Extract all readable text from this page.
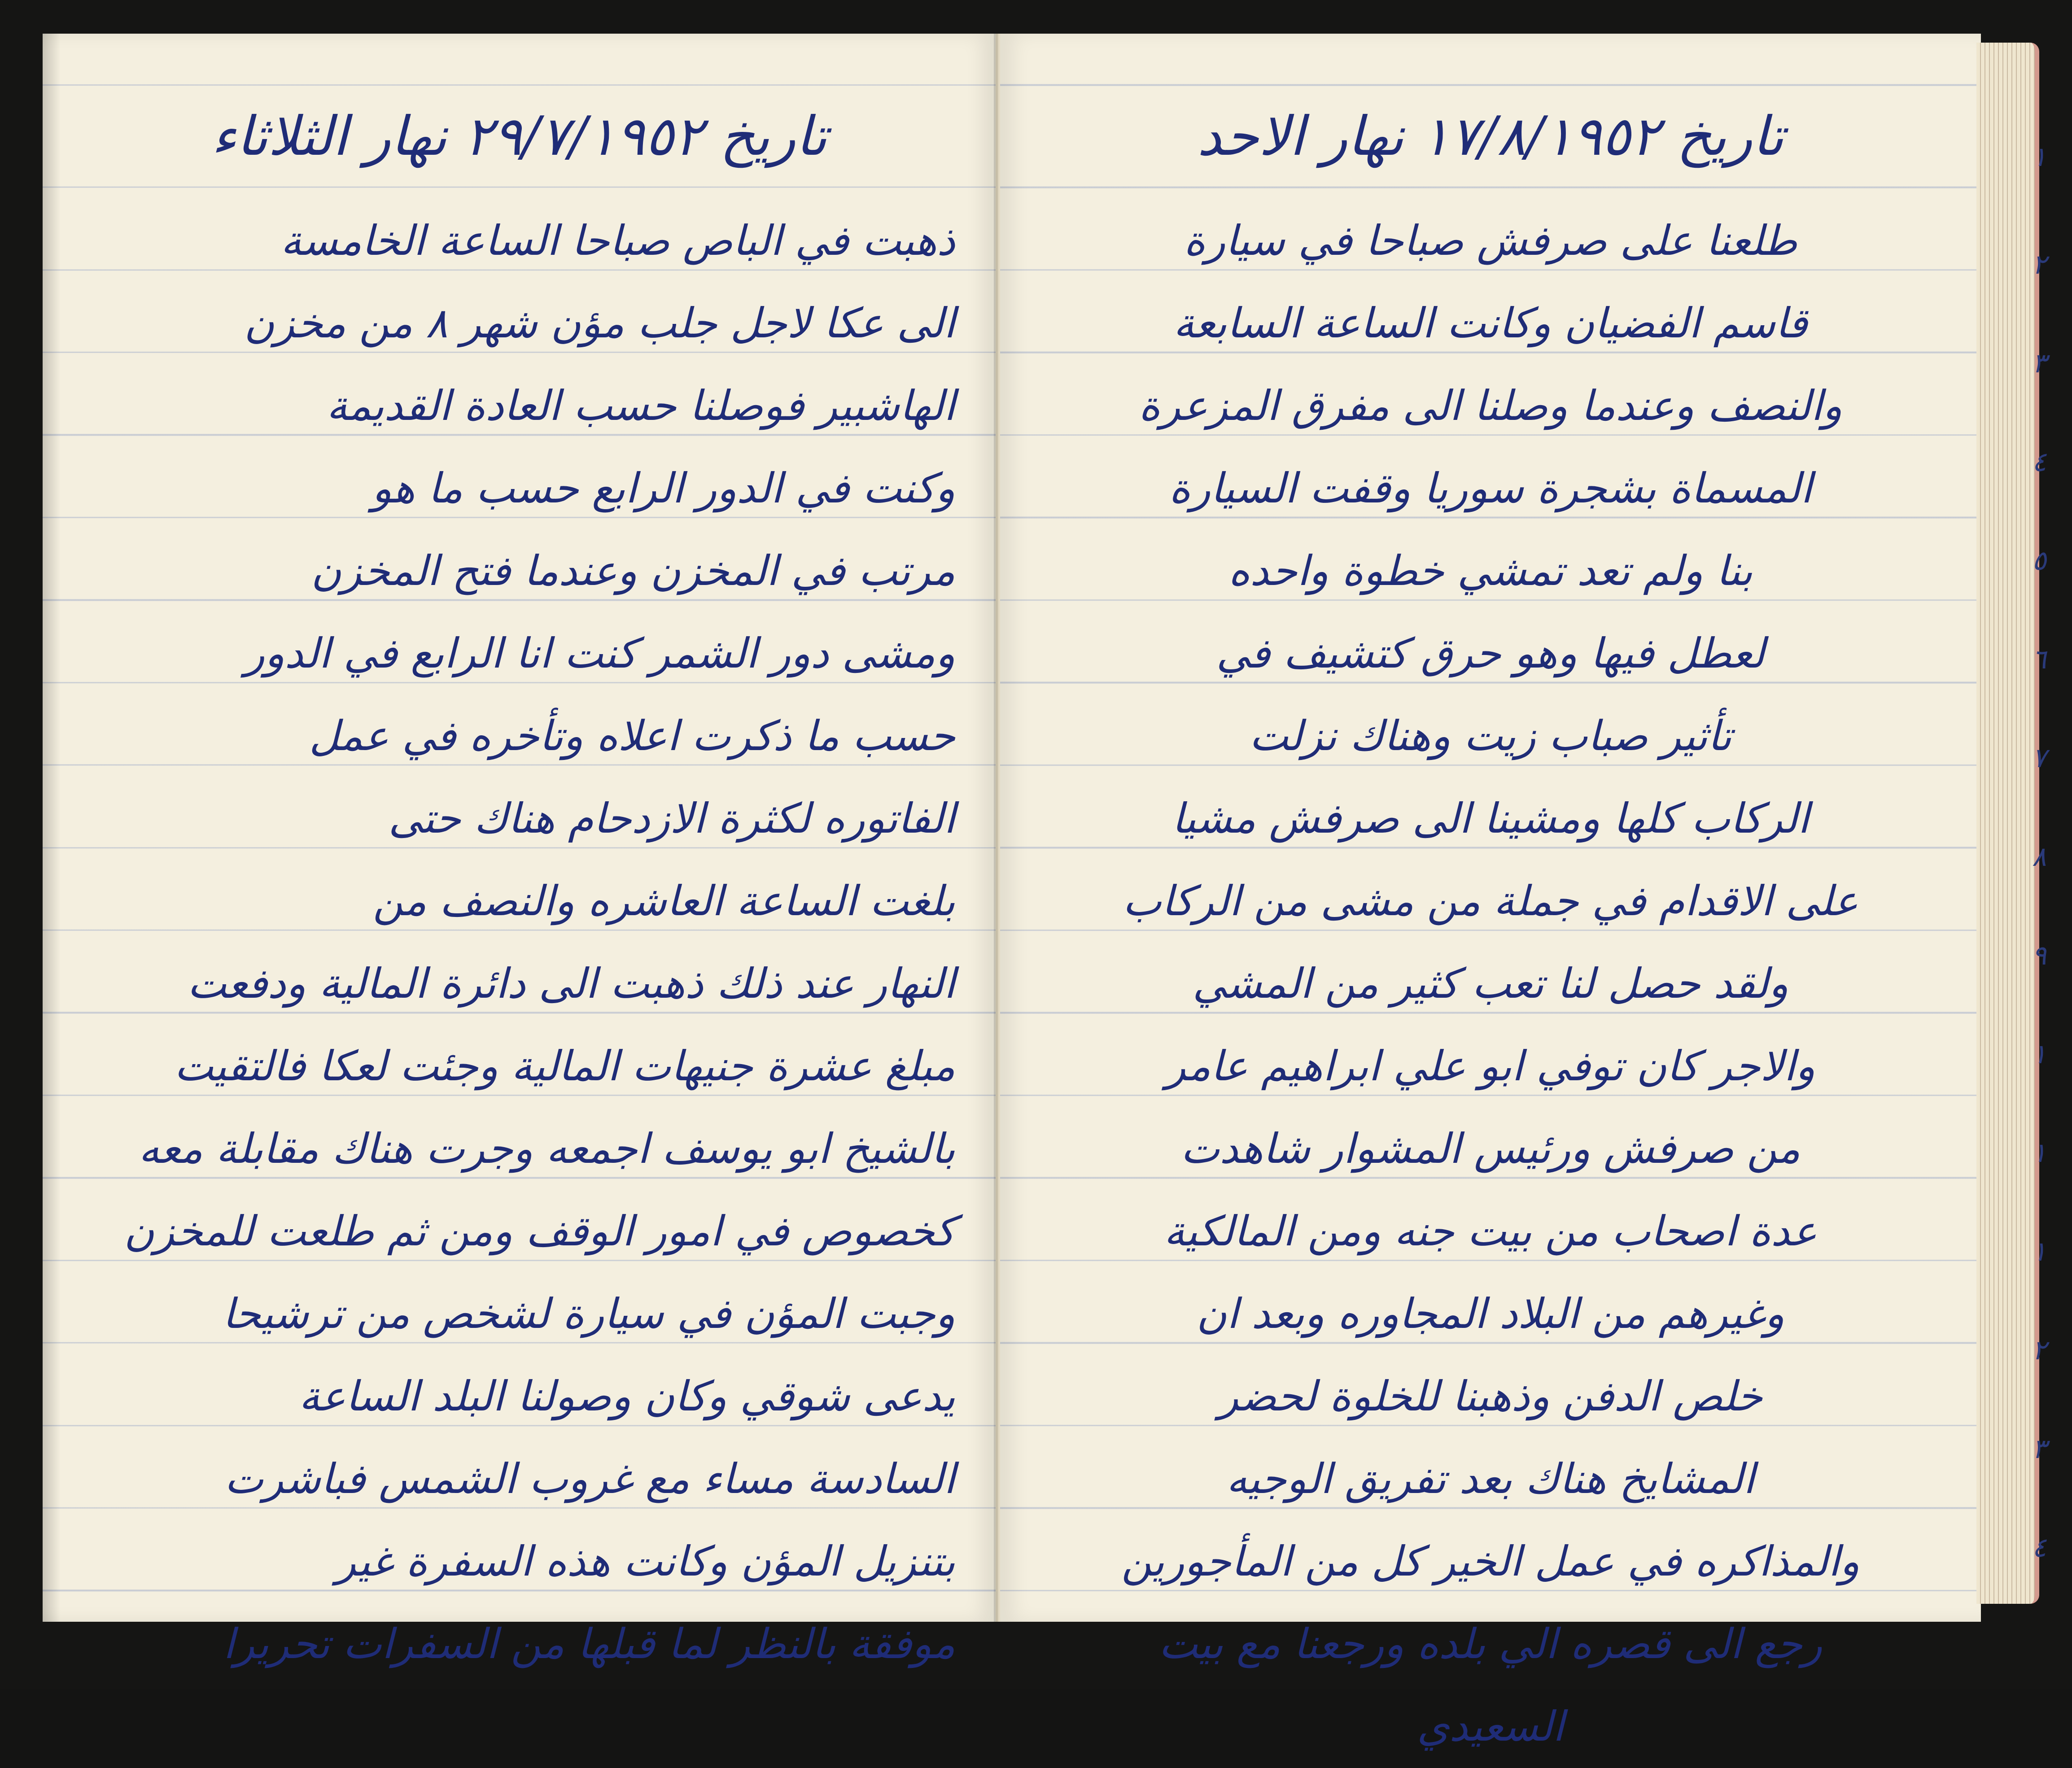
تاريخ ٢٩/٧/١٩٥٢ نهار الثلاثاء
ذهبت في الباص صباحا الساعة الخامسة
الى عكا لاجل جلب مؤن شهر ٨ من مخزن
الهاشبير فوصلنا حسب العادة القديمة
وكنت في الدور الرابع حسب ما هو
مرتب في المخزن وعندما فتح المخزن
ومشى دور الشمر كنت انا الرابع في الدور
حسب ما ذكرت اعلاه وتأخره في عمل
الفاتوره لكثرة الازدحام هناك حتى
بلغت الساعة العاشره والنصف من
النهار عند ذلك ذهبت الى دائرة المالية ودفعت
مبلغ عشرة جنيهات المالية وجئت لعكا فالتقيت
بالشيخ ابو يوسف اجمعه وجرت هناك مقابلة معه
كخصوص في امور الوقف ومن ثم طلعت للمخزن
وجبت المؤن في سيارة لشخص من ترشيحا
يدعى شوقي وكان وصولنا البلد الساعة
السادسة مساء مع غروب الشمس فباشرت
بتنزيل المؤن وكانت هذه السفرة غير
موفقة بالنظر لما قبلها من السفرات تحريرا
تاريخ ١٧/٨/١٩٥٢ نهار الاحد
طلعنا على صرفش صباحا في سيارة
قاسم الفضيان وكانت الساعة السابعة
والنصف وعندما وصلنا الى مفرق المزعرة
المسماة بشجرة سوريا وقفت السيارة
بنا ولم تعد تمشي خطوة واحده
لعطل فيها وهو حرق كتشيف في
تأثير صباب زيت وهناك نزلت
الركاب كلها ومشينا الى صرفش مشيا
على الاقدام في جملة من مشى من الركاب
ولقد حصل لنا تعب كثير من المشي
والاجر كان توفي ابو علي ابراهيم عامر
من صرفش ورئيس المشوار شاهدت
عدة اصحاب من بيت جنه ومن المالكية
وغيرهم من البلاد المجاوره وبعد ان
خلص الدفن وذهبنا للخلوة لحضر
المشايخ هناك بعد تفريق الوجيه
والمذاكره في عمل الخير كل من المأجورين
رجع الى قصره الي بلده ورجعنا مع بيت
السعيدي
١
٢
٣
٤
٥
٦
٧
٨
٩
١
١
١
٢
٣
٤
